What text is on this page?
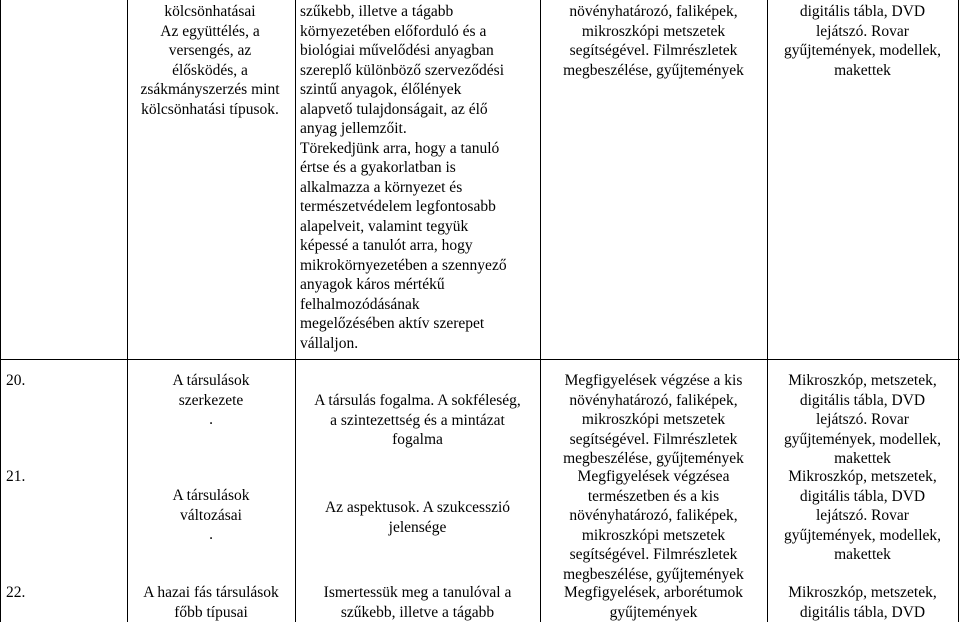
kölcsönhatásai
Az együttélés, a
versengés, az
élősködés, a
zsákmányszerzés mint
kölcsönhatási típusok.
szűkebb, illetve a tágabb
környezetében előforduló és a
biológiai művelődési anyagban
szereplő különböző szerveződési
szintű anyagok, élőlények
alapvető tulajdonságait, az élő
anyag jellemzőit.
Törekedjünk arra, hogy a tanuló
értse és a gyakorlatban is
alkalmazza a környezet és
természetvédelem legfontosabb
alapelveit, valamint tegyük
képessé a tanulót arra, hogy
mikrokörnyezetében a szennyező
anyagok káros mértékű
felhalmozódásának
megelőzésében aktív szerepet
vállaljon.
növényhatározó, faliképek,
mikroszkópi metszetek
segítségével. Filmrészletek
megbeszélése, gyűjtemények
digitális tábla, DVD
lejátszó. Rovar
gyűjtemények, modellek,
makettek
20.	A társulások
szerkezete
.
A társulás fogalma. A sokféleség,
a szintezettség és a mintázat
fogalma
Megfigyelések végzése a kis
növényhatározó, faliképek,
mikroszkópi metszetek
segítségével. Filmrészletek
megbeszélése, gyűjtemények
Mikroszkóp, metszetek,
digitális tábla, DVD
lejátszó. Rovar
gyűjtemények, modellek,
makettek
21.
A társulások
változásai
.
Az aspektusok. A szukcesszió
jelensége
Megfigyelések végzésea
természetben és a kis
növényhatározó, faliképek,
mikroszkópi metszetek
segítségével. Filmrészletek
megbeszélése, gyűjtemények
Mikroszkóp, metszetek,
digitális tábla, DVD
lejátszó. Rovar
gyűjtemények, modellek,
makettek
22.	A hazai fás társulások
főbb típusai
Ismertessük meg a tanulóval a
szűkebb, illetve a tágabb
Megfigyelések, arborétumok
gyűjtemények
Mikroszkóp, metszetek,
digitális tábla, DVD
